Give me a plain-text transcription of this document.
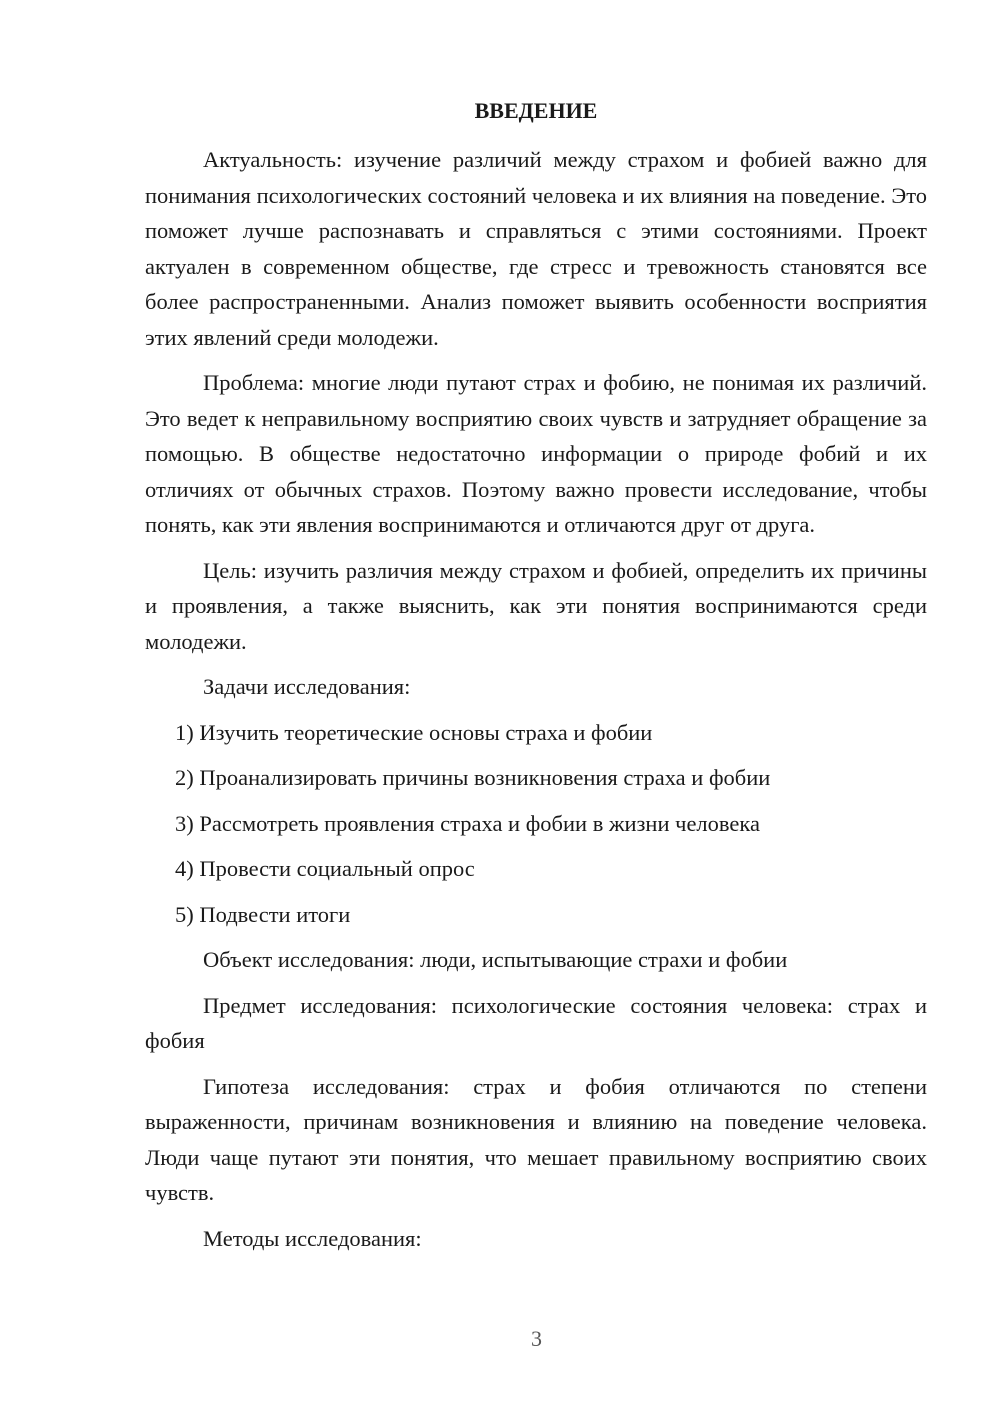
ВВЕДЕНИЕ

Актуальность: изучение различий между страхом и фобией важно для понимания психологических состояний человека и их влияния на поведение. Это поможет лучше распознавать и справляться с этими состояниями. Проект актуален в современном обществе, где стресс и тревожность становятся все более распространенными. Анализ поможет выявить особенности восприятия этих явлений среди молодежи.

Проблема: многие люди путают страх и фобию, не понимая их различий. Это ведет к неправильному восприятию своих чувств и затрудняет обращение за помощью. В обществе недостаточно информации о природе фобий и их отличиях от обычных страхов. Поэтому важно провести исследование, чтобы понять, как эти явления воспринимаются и отличаются друг от друга.

Цель: изучить различия между страхом и фобией, определить их причины и проявления, а также выяснить, как эти понятия воспринимаются среди молодежи.

Задачи исследования:
1) Изучить теоретические основы страха и фобии
2) Проанализировать причины возникновения страха и фобии
3) Рассмотреть проявления страха и фобии в жизни человека
4) Провести социальный опрос
5) Подвести итоги

Объект исследования: люди, испытывающие страхи и фобии

Предмет исследования: психологические состояния человека: страх и фобия

Гипотеза исследования: страх и фобия отличаются по степени выраженности, причинам возникновения и влиянию на поведение человека. Люди чаще путают эти понятия, что мешает правильному восприятию своих чувств.

Методы исследования:
3
